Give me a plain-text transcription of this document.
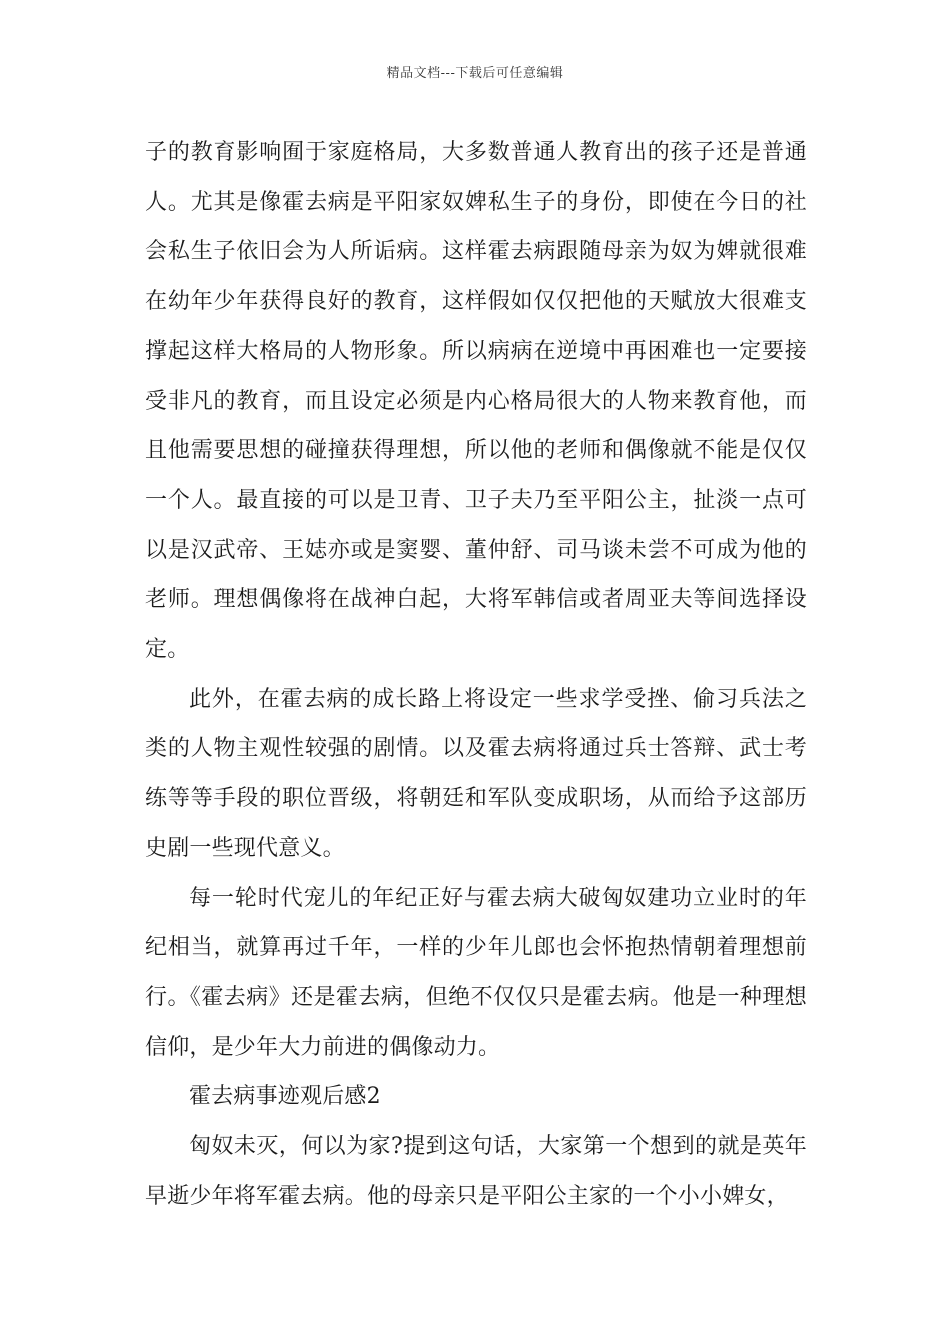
精品文档---下载后可任意编辑

子的教育影响囿于家庭格局，大多数普通人教育出的孩子还是普通人。尤其是像霍去病是平阳家奴婢私生子的身份，即使在今日的社会私生子依旧会为人所诟病。这样霍去病跟随母亲为奴为婢就很难在幼年少年获得良好的教育，这样假如仅仅把他的天赋放大很难支撑起这样大格局的人物形象。所以病病在逆境中再困难也一定要接受非凡的教育，而且设定必须是内心格局很大的人物来教育他，而且他需要思想的碰撞获得理想，所以他的老师和偶像就不能是仅仅一个人。最直接的可以是卫青、卫子夫乃至平阳公主，扯淡一点可以是汉武帝、王娡亦或是窦婴、董仲舒、司马谈未尝不可成为他的老师。理想偶像将在战神白起，大将军韩信或者周亚夫等间选择设定。

此外，在霍去病的成长路上将设定一些求学受挫、偷习兵法之类的人物主观性较强的剧情。以及霍去病将通过兵士答辩、武士考练等等手段的职位晋级，将朝廷和军队变成职场，从而给予这部历史剧一些现代意义。

每一轮时代宠儿的年纪正好与霍去病大破匈奴建功立业时的年纪相当，就算再过千年，一样的少年儿郎也会怀抱热情朝着理想前行。《霍去病》还是霍去病，但绝不仅仅只是霍去病。他是一种理想信仰，是少年大力前进的偶像动力。

霍去病事迹观后感2

匈奴未灭，何以为家?提到这句话，大家第一个想到的就是英年早逝少年将军霍去病。他的母亲只是平阳公主家的一个小小婢女，
